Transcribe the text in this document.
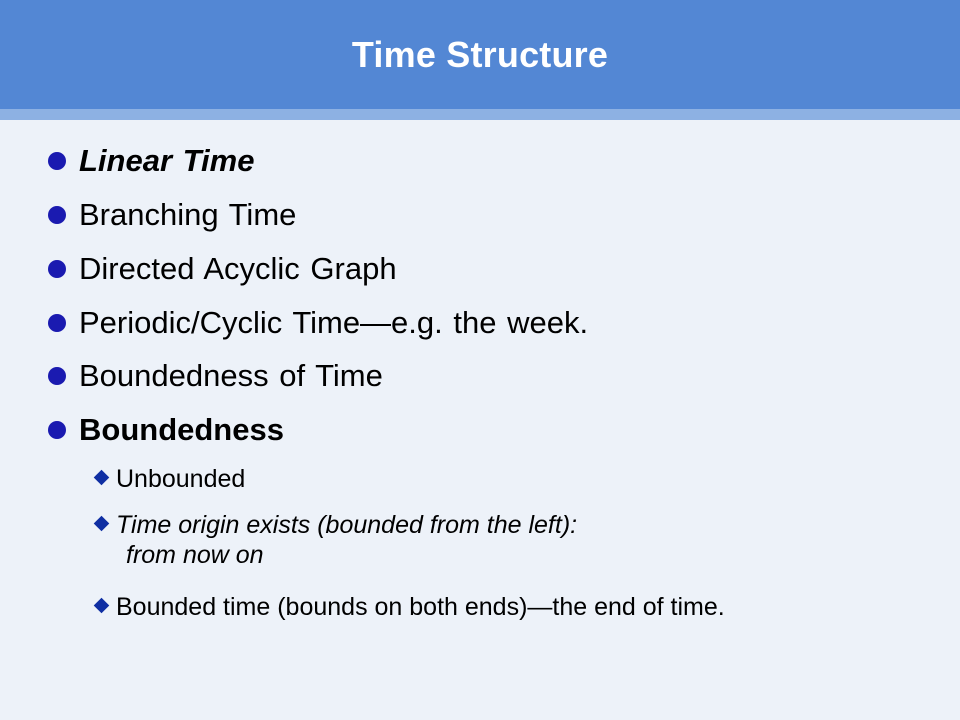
Time Structure
Linear Time
Branching Time
Directed Acyclic Graph
Periodic/Cyclic Time—e.g. the week.
Boundedness of Time
Boundedness
Unbounded
Time origin exists (bounded from the left):
from now on
Bounded time (bounds on both ends)—the end of time.
